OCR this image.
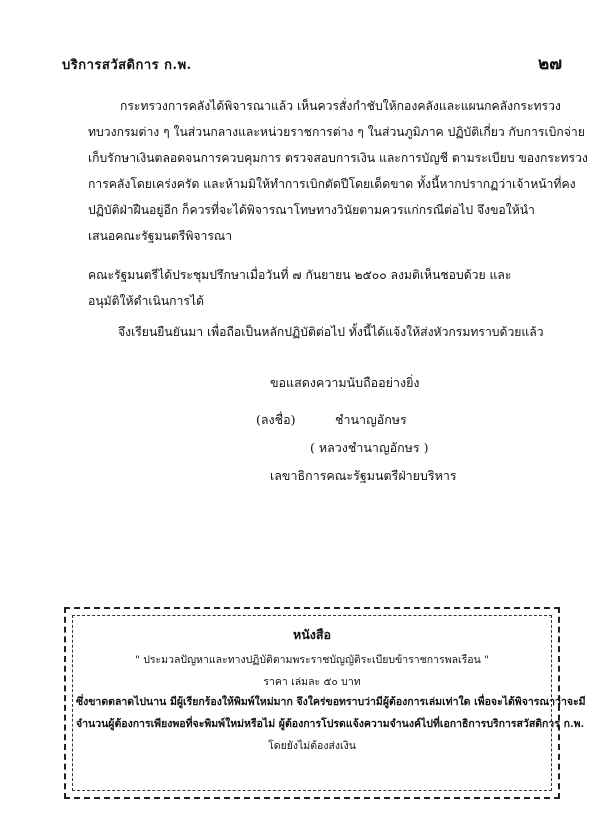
บริการสวัสดิการ ก.พ.	๒๗
กระทรวงการคลังได้พิจารณาแล้ว เห็นควรสั่งกำชับให้กองคลังและแผนกคลังกระทรวง
ทบวงกรมต่าง ๆ ในส่วนกลางและหน่วยราชการต่าง ๆ ในส่วนภูมิภาค ปฏิบัติเกี่ยว กับการเบิกจ่าย
เก็บรักษาเงินตลอดจนการควบคุมการ ตรวจสอบการเงิน และการบัญชี ตามระเบียบ ของกระทรวง
การคลังโดยเคร่งครัด และห้ามมิให้ทำการเบิกตัดปีโดยเด็ดขาด ทั้งนี้หากปรากฏว่าเจ้าหน้าที่คง
ปฏิบัติฝ่าฝืนอยู่อีก ก็ควรที่จะได้พิจารณาโทษทางวินัยตามควรแก่กรณีต่อไป จึงขอให้นำ
เสนอคณะรัฐมนตรีพิจารณา
คณะรัฐมนตรีได้ประชุมปรึกษาเมื่อวันที่ ๗ กันยายน ๒๕๐๐ ลงมติเห็นชอบด้วย และ
อนุมัติให้ดำเนินการได้
จึงเรียนยืนยันมา เพื่อถือเป็นหลักปฏิบัติต่อไป ทั้งนี้ได้แจ้งให้ส่งหัวกรมทราบด้วยแล้ว
ขอแสดงความนับถืออย่างยิ่ง
(ลงชื่อ)	ชำนาญอักษร
( หลวงชำนาญอักษร )
เลขาธิการคณะรัฐมนตรีฝ่ายบริหาร
หนังสือ
" ประมวลปัญหาและทางปฏิบัติตามพระราชบัญญัติระเบียบข้าราชการพลเรือน "
ราคา เล่มละ ๕๐ บาท
ซึ่งขาดตลาดไปนาน มีผู้เรียกร้องให้พิมพ์ใหม่มาก จึงใคร่ขอทราบว่ามีผู้ต้องการเล่มเท่าใด เพื่อจะได้พิจารณาว่าจะมี
จำนวนผู้ต้องการเพียงพอที่จะพิมพ์ใหม่หรือไม่ ผู้ต้องการโปรดแจ้งความจำนงค์ไปที่เอกาธิการบริการสวัสดิการ ก.พ.
โดยยังไม่ต้องส่งเงิน
